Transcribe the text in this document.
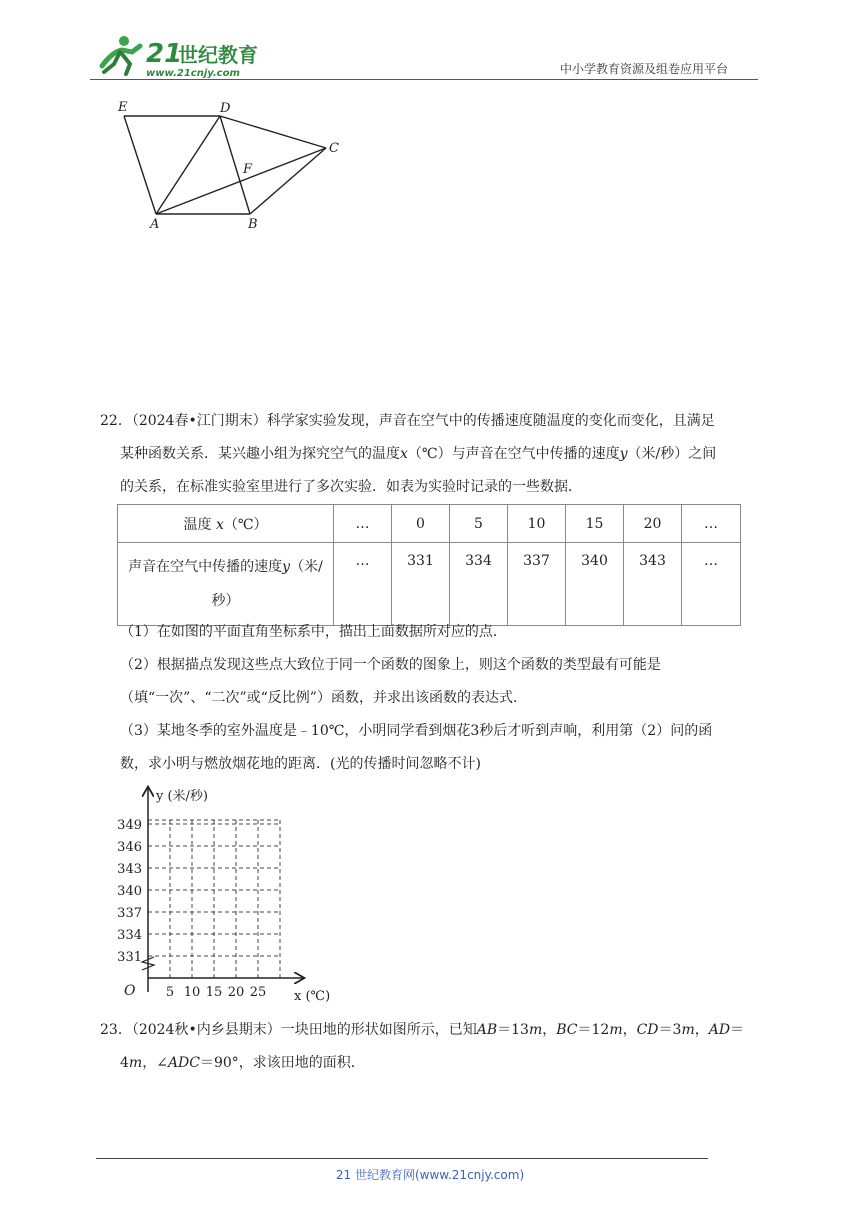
21
世纪教育
www.21cnjy.com	中小学教育资源及组卷应用平台
E	D
C
F
A	B
22．（2024春•江门期末）科学家实验发现，声音在空气中的传播速度随温度的变化而变化，且满足
某种函数关系．某兴趣小组为探究空气的温度x（℃）与声音在空气中传播的速度y（米/秒）之间
的关系，在标准实验室里进行了多次实验．如表为实验时记录的一些数据．
温度 x（℃）	…	0	5	10	15	20	…
声音在空气中传播的速度y（米/
秒）	…	331	334	337	340	343	…
（1）在如图的平面直角坐标系中，描出上面数据所对应的点．
（2）根据描点发现这些点大致位于同一个函数的图象上，则这个函数的类型最有可能是
（填“一次”、“二次”或“反比例”）函数，并求出该函数的表达式．
（3）某地冬季的室外温度是﹣10℃，小明同学看到烟花3秒后才听到声响，利用第（2）问的函
数，求小明与燃放烟花地的距离．(光的传播时间忽略不计)
5 10 15 20 25
331
334
337
340
343
346
349
O
y (米/秒)
x (℃)
23．（2024秋•内乡县期末）一块田地的形状如图所示，已知AB＝13m，BC＝12m，CD＝3m，AD＝
4m，∠ADC＝90°，求该田地的面积．
21 世纪教育网(www.21cnjy.com)
